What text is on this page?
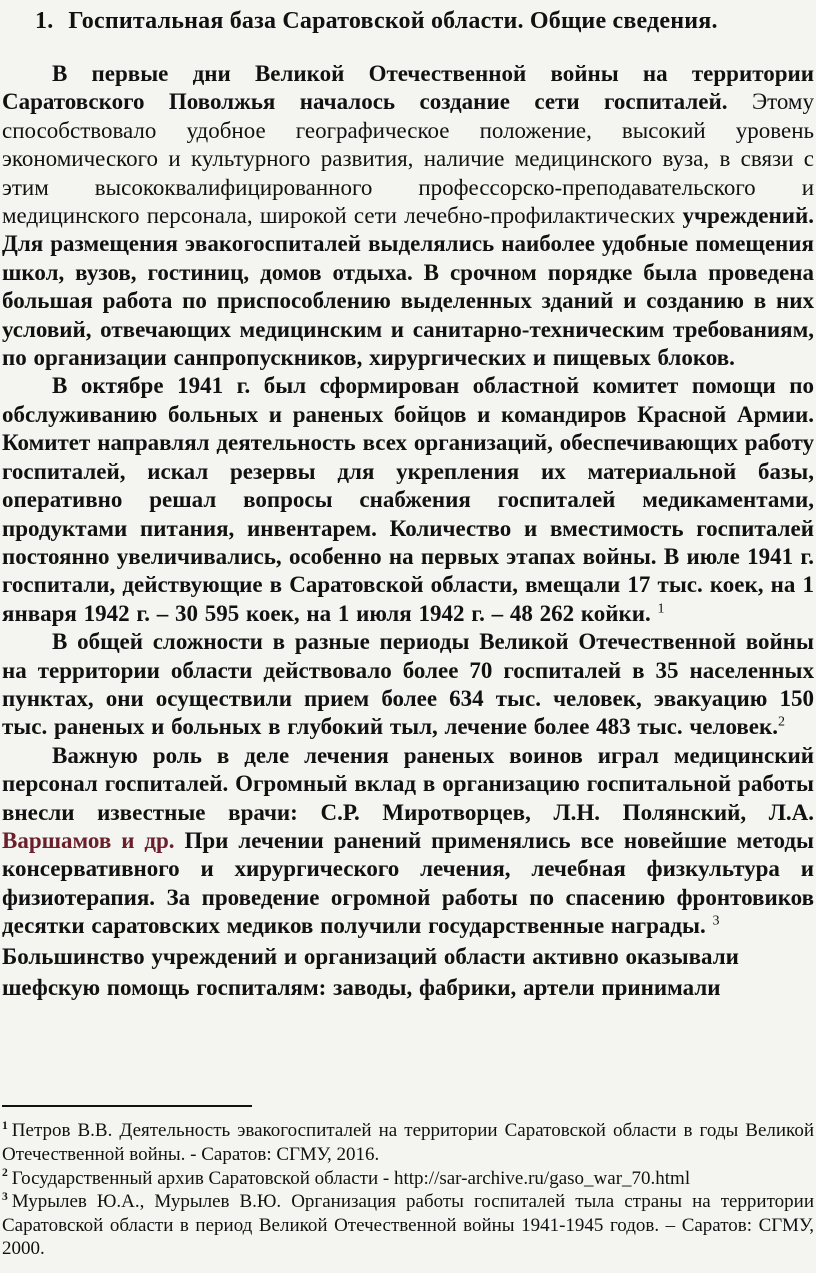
1. Госпитальная база Саратовской области. Общие сведения.

В первые дни Великой Отечественной войны на территории Саратовского Поволжья началось создание сети госпиталей. Этому способствовало удобное географическое положение, высокий уровень экономического и культурного развития, наличие медицинского вуза, в связи с этим высококвалифицированного профессорско-преподавательского и медицинского персонала, широкой сети лечебно-профилактических учреждений. Для размещения эвакогоспиталей выделялись наиболее удобные помещения школ, вузов, гостиниц, домов отдыха. В срочном порядке была проведена большая работа по приспособлению выделенных зданий и созданию в них условий, отвечающих медицинским и санитарно-техническим требованиям, по организации санпропускников, хирургических и пищевых блоков.

В октябре 1941 г. был сформирован областной комитет помощи по обслуживанию больных и раненых бойцов и командиров Красной Армии. Комитет направлял деятельность всех организаций, обеспечивающих работу госпиталей, искал резервы для укрепления их материальной базы, оперативно решал вопросы снабжения госпиталей медикаментами, продуктами питания, инвентарем. Количество и вместимость госпиталей постоянно увеличивались, особенно на первых этапах войны. В июле 1941 г. госпитали, действующие в Саратовской области, вмещали 17 тыс. коек, на 1 января 1942 г. – 30 595 коек, на 1 июля 1942 г. – 48 262 койки. $^1$

В общей сложности в разные периоды Великой Отечественной войны на территории области действовало более 70 госпиталей в 35 населенных пунктах, они осуществили прием более 634 тыс. человек, эвакуацию 150 тыс. раненых и больных в глубокий тыл, лечение более 483 тыс. человек.$^2$

Важную роль в деле лечения раненых воинов играл медицинский персонал госпиталей. Огромный вклад в организацию госпитальной работы внесли известные врачи: С.Р. Миротворцев, Л.Н. Полянский, Л.А. Варшамов и др. При лечении ранений применялись все новейшие методы консервативного и хирургического лечения, лечебная физкультура и физиотерапия. За проведение огромной работы по спасению фронтовиков десятки саратовских медиков получили государственные награды. $^3$

Большинство учреждений и организаций области активно оказывали шефскую помощь госпиталям: заводы, фабрики, артели принимали

$^1$ Петров В.В. Деятельность эвакогоспиталей на территории Саратовской области в годы Великой Отечественной войны. - Саратов: СГМУ, 2016.

$^2$ Государственный архив Саратовской области - http://sar-archive.ru/gaso_war_70.html

$^3$ Мурылев Ю.А., Мурылев В.Ю. Организация работы госпиталей тыла страны на территории Саратовской области в период Великой Отечественной войны 1941-1945 годов. – Саратов: СГМУ, 2000.
